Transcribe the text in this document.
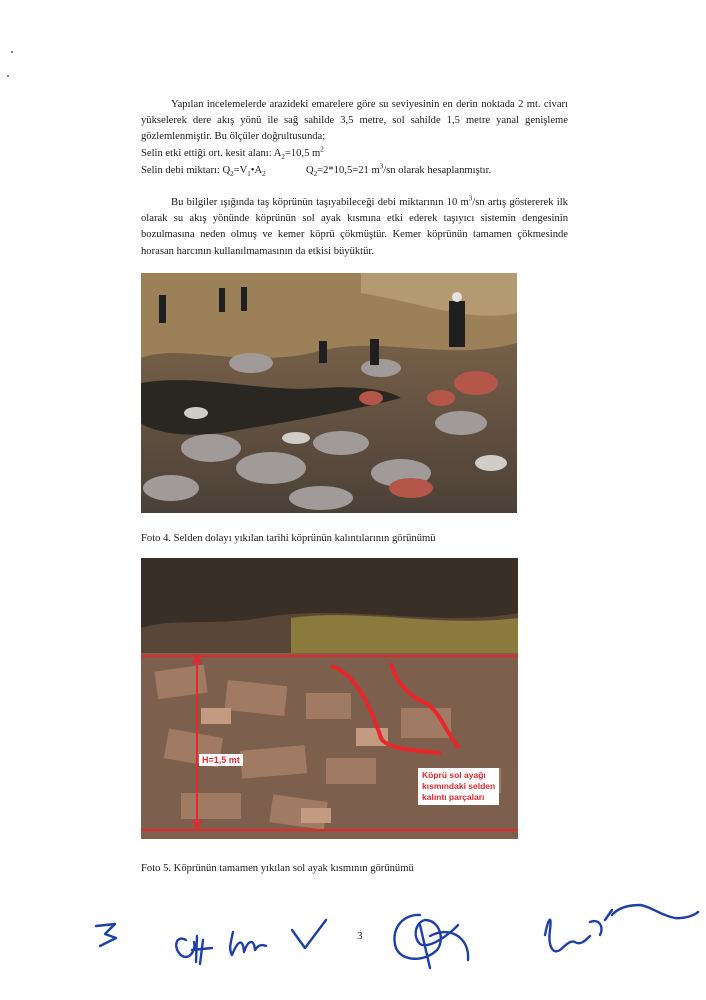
Yapılan incelemelerde arazideki emarelere göre su seviyesinin en derin noktada 2 mt. civarı yükselerek dere akış yönü ile sağ sahilde 3,5 metre, sol sahilde 1,5 metre yanal genişleme gözlemlenmiştir. Bu ölçüler doğrultusunda;
Selin etki ettiği ort. kesit alanı: $A_2=10,5$ $m^2$
Selin debi miktarı: $Q_2=V_1•A_2$	$Q_2=2*10,5=21$ $m^3/sn$ olarak hesaplanmıştır.
Bu bilgiler ışığında taş köprünün taşıyabileceği debi miktarının 10 $m^3/sn$ artış göstererek ilk olarak su akış yönünde köprünün sol ayak kısmına etki ederek taşıyıcı sistemin dengesinin bozulmasına neden olmuş ve kemer köprü çökmüştür. Kemer köprünün tamamen çökmesinde horasan harcının kullanılmamasının da etkisi büyüktür.
Foto 4. Selden dolayı yıkılan tarihi köprünün kalıntılarının görünümü
H=1,5 mt
Köprü sol ayağı
kısmındaki selden
kalıntı parçaları
Foto 5. Köprünün tamamen yıkılan sol ayak kısmının görünümü
3
